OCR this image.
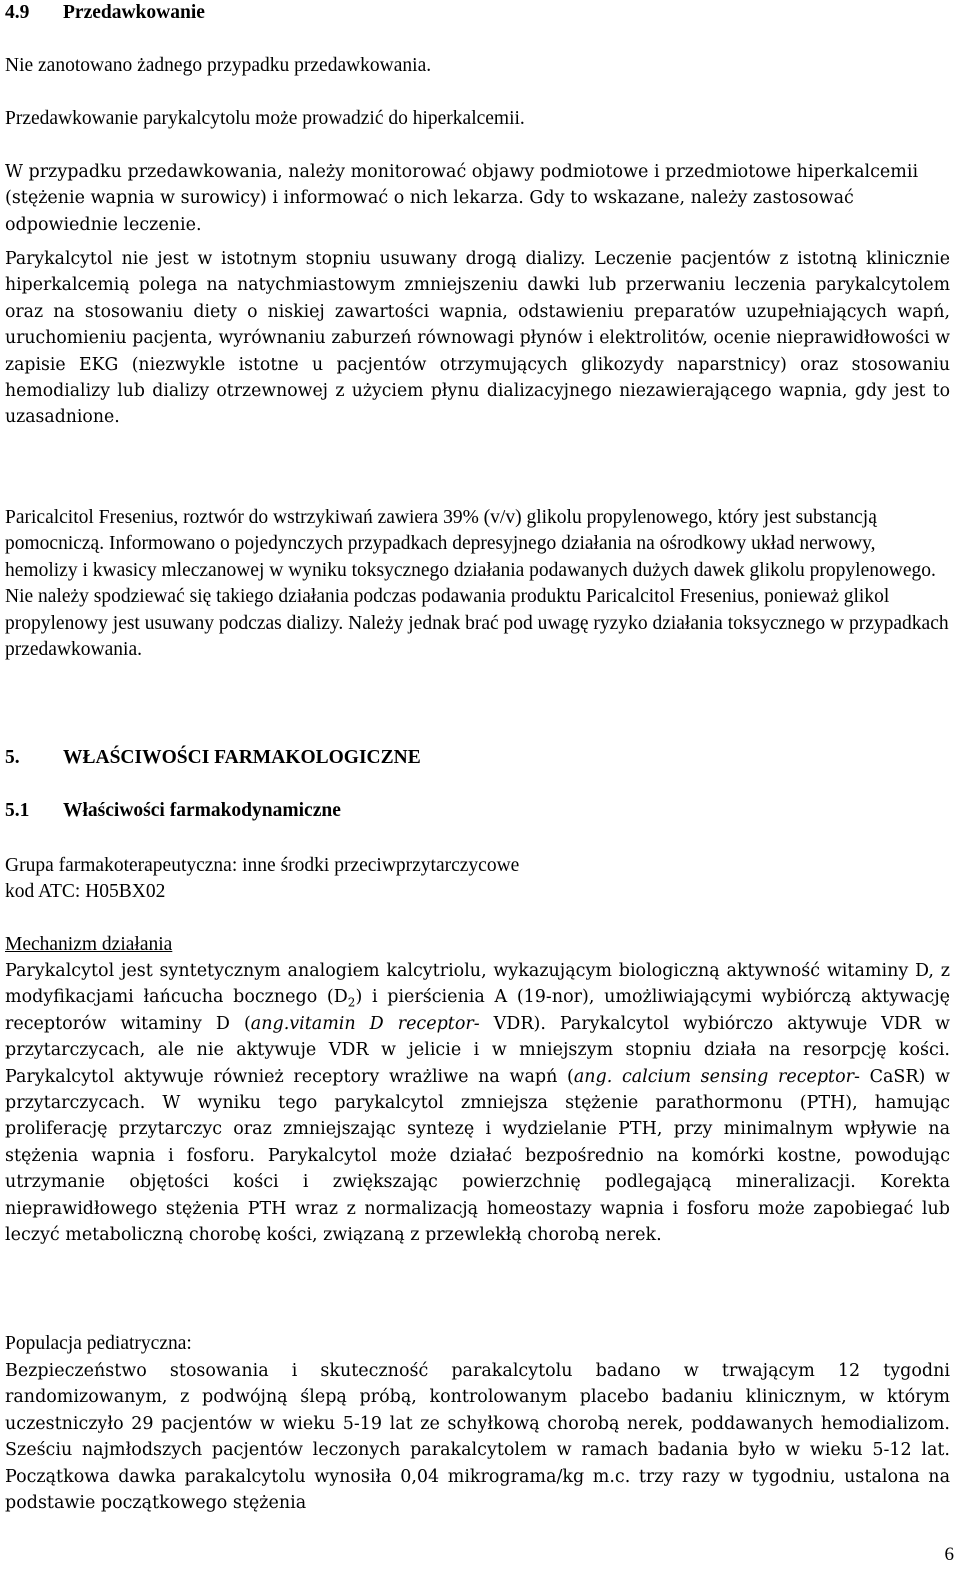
4.9	Przedawkowanie

Nie zanotowano żadnego przypadku przedawkowania.

Przedawkowanie parykalcytolu może prowadzić do hiperkalcemii.

W przypadku przedawkowania, należy monitorować objawy podmiotowe i przedmiotowe hiperkalcemii (stężenie wapnia w surowicy) i informować o nich lekarza. Gdy to wskazane, należy zastosować odpowiednie leczenie.

Parykalcytol nie jest w istotnym stopniu usuwany drogą dializy. Leczenie pacjentów z istotną klinicznie hiperkalcemią polega na natychmiastowym zmniejszeniu dawki lub przerwaniu leczenia parykalcytolem oraz na stosowaniu diety o niskiej zawartości wapnia, odstawieniu preparatów uzupełniających wapń, uruchomieniu pacjenta, wyrównaniu zaburzeń równowagi płynów i elektrolitów, ocenie nieprawidłowości w zapisie EKG (niezwykle istotne u pacjentów otrzymujących glikozydy naparstnicy) oraz stosowaniu hemodializy lub dializy otrzewnowej z użyciem płynu dializacyjnego niezawierającego wapnia, gdy jest to uzasadnione.

Paricalcitol Fresenius, roztwór do wstrzykiwań zawiera 39% (v/v) glikolu propylenowego, który jest substancją pomocniczą. Informowano o pojedynczych przypadkach depresyjnego działania na ośrodkowy układ nerwowy, hemolizy i kwasicy mleczanowej w wyniku toksycznego działania podawanych dużych dawek glikolu propylenowego. Nie należy spodziewać się takiego działania podczas podawania produktu Paricalcitol Fresenius, ponieważ glikol propylenowy jest usuwany podczas dializy. Należy jednak brać pod uwagę ryzyko działania toksycznego w przypadkach przedawkowania.

5.	WŁAŚCIWOŚCI FARMAKOLOGICZNE
5.1	Właściwości farmakodynamiczne

Grupa farmakoterapeutyczna: inne środki przeciwprzytarczycowe

kod ATC: H05BX02

Mechanizm działania

Parykalcytol jest syntetycznym analogiem kalcytriolu, wykazującym biologiczną aktywność witaminy D, z modyfikacjami łańcucha bocznego $(D_2)$ i pierścienia A (19-nor), umożliwiającymi wybiórczą aktywację receptorów witaminy D (ang.vitamin D receptor- VDR). Parykalcytol wybiórczo aktywuje VDR w przytarczycach, ale nie aktywuje VDR w jelicie i w mniejszym stopniu działa na resorpcję kości. Parykalcytol aktywuje również receptory wrażliwe na wapń (ang. calcium sensing receptor- CaSR) w przytarczycach. W wyniku tego parykalcytol zmniejsza stężenie parathormonu (PTH), hamując proliferację przytarczyc oraz zmniejszając syntezę i wydzielanie PTH, przy minimalnym wpływie na stężenia wapnia i fosforu. Parykalcytol może działać bezpośrednio na komórki kostne, powodując utrzymanie objętości kości i zwiększając powierzchnię podlegającą mineralizacji. Korekta nieprawidłowego stężenia PTH wraz z normalizacją homeostazy wapnia i fosforu może zapobiegać lub leczyć metaboliczną chorobę kości, związaną z przewlekłą chorobą nerek.

Populacja pediatryczna:

Bezpieczeństwo stosowania i skuteczność parakalcytolu badano w trwającym 12 tygodni randomizowanym, z podwójną ślepą próbą, kontrolowanym placebo badaniu klinicznym, w którym uczestniczyło 29 pacjentów w wieku 5-19 lat ze schyłkową chorobą nerek, poddawanych hemodializom. Sześciu najmłodszych pacjentów leczonych parakalcytolem w ramach badania było w wieku 5-12 lat. Początkowa dawka parakalcytolu wynosiła 0,04 mikrograma/kg m.c. trzy razy w tygodniu, ustalona na podstawie początkowego stężenia

6
